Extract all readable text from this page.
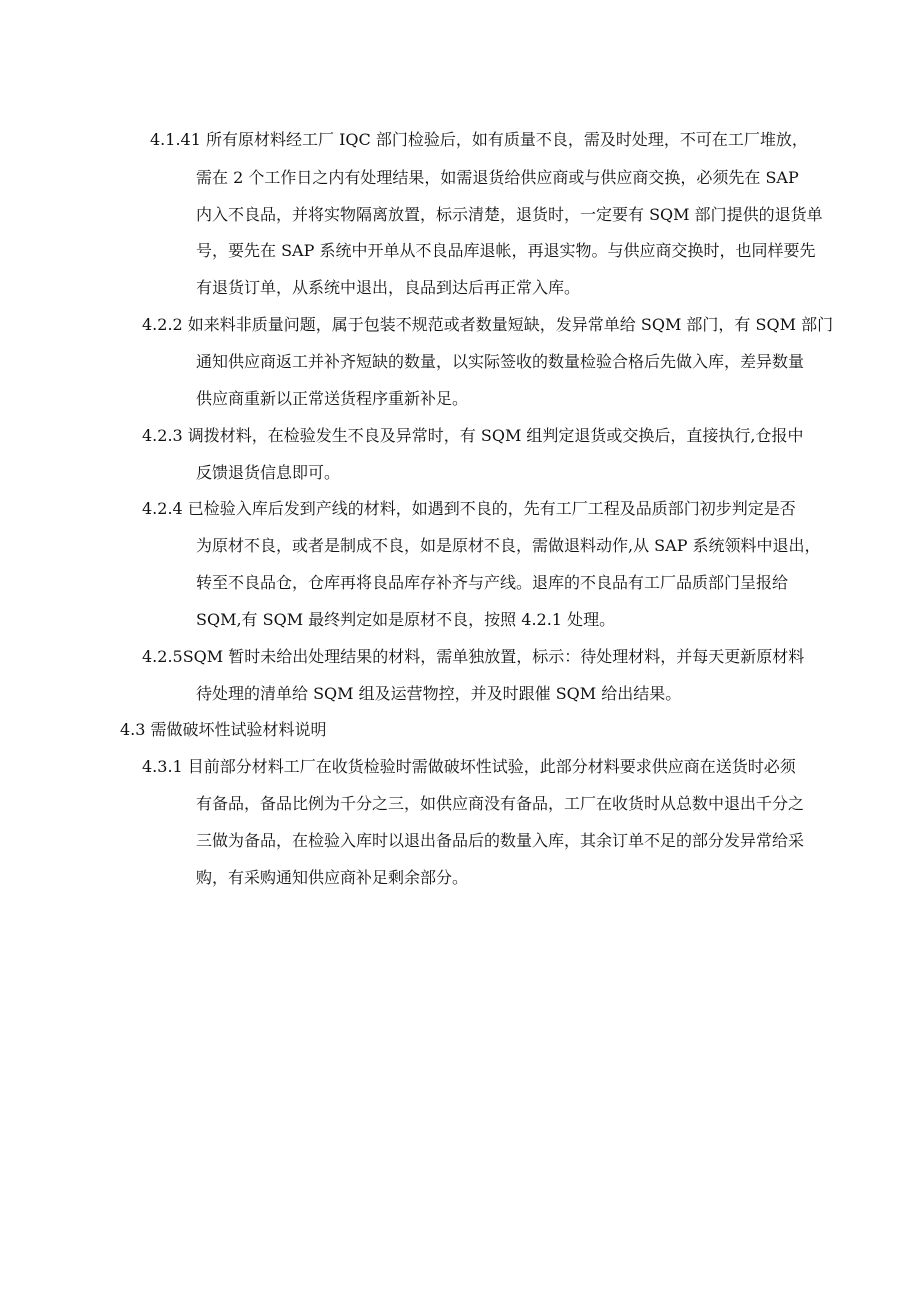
4.1.41 所有原材料经工厂 IQC 部门检验后，如有质量不良，需及时处理，不可在工厂堆放，
需在 2 个工作日之内有处理结果，如需退货给供应商或与供应商交换，必须先在 SAP
内入不良品，并将实物隔离放置，标示清楚，退货时，一定要有 SQM 部门提供的退货单
号，要先在 SAP 系统中开单从不良品库退帐，再退实物。与供应商交换时，也同样要先
有退货订单，从系统中退出，良品到达后再正常入库。
4.2.2 如来料非质量问题，属于包装不规范或者数量短缺，发异常单给 SQM 部门，有 SQM 部门
通知供应商返工并补齐短缺的数量，以实际签收的数量检验合格后先做入库，差异数量
供应商重新以正常送货程序重新补足。
4.2.3 调拨材料，在检验发生不良及异常时，有 SQM 组判定退货或交换后，直接执行,仓报中
反馈退货信息即可。
4.2.4 已检验入库后发到产线的材料，如遇到不良的，先有工厂工程及品质部门初步判定是否
为原材不良，或者是制成不良，如是原材不良，需做退料动作,从 SAP 系统领料中退出，
转至不良品仓，仓库再将良品库存补齐与产线。退库的不良品有工厂品质部门呈报给
SQM,有 SQM 最终判定如是原材不良，按照 4.2.1 处理。
4.2.5SQM 暂时未给出处理结果的材料，需单独放置，标示：待处理材料，并每天更新原材料
待处理的清单给 SQM 组及运营物控，并及时跟催 SQM 给出结果。
4.3 需做破坏性试验材料说明
4.3.1 目前部分材料工厂在收货检验时需做破坏性试验，此部分材料要求供应商在送货时必须
有备品，备品比例为千分之三，如供应商没有备品，工厂在收货时从总数中退出千分之
三做为备品，在检验入库时以退出备品后的数量入库，其余订单不足的部分发异常给采
购，有采购通知供应商补足剩余部分。
